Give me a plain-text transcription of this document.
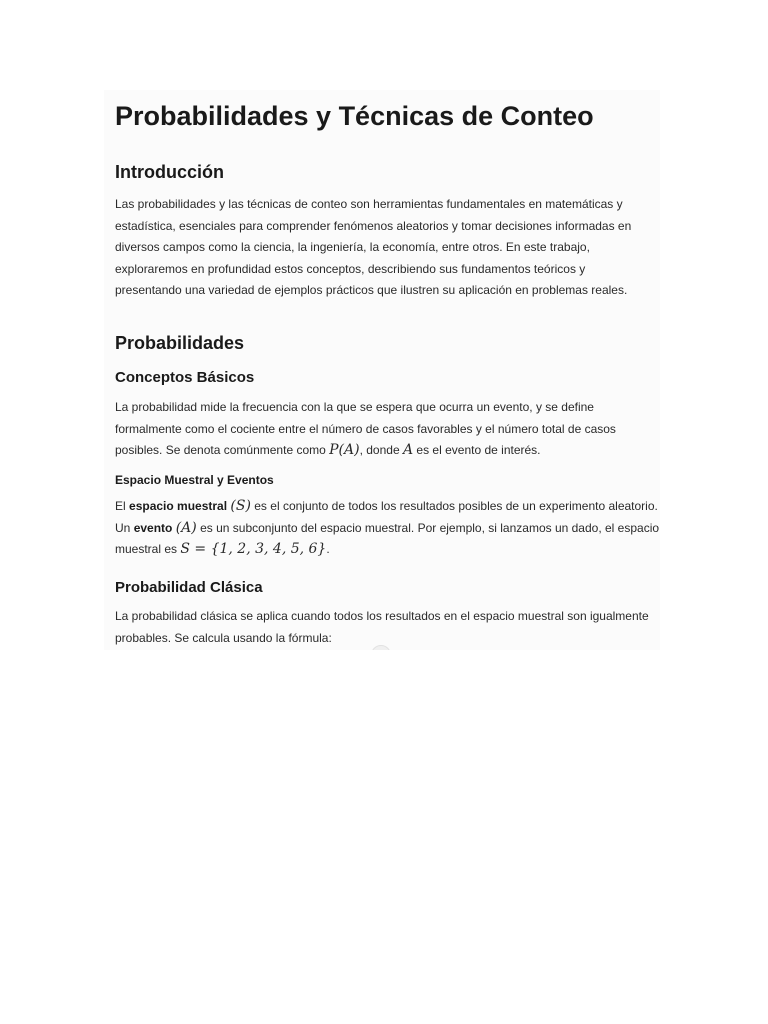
Probabilidades y Técnicas de Conteo
Introducción

Las probabilidades y las técnicas de conteo son herramientas fundamentales en matemáticas y estadística, esenciales para comprender fenómenos aleatorios y tomar decisiones informadas en diversos campos como la ciencia, la ingeniería, la economía, entre otros. En este trabajo, exploraremos en profundidad estos conceptos, describiendo sus fundamentos teóricos y presentando una variedad de ejemplos prácticos que ilustren su aplicación en problemas reales.

Probabilidades
Conceptos Básicos

La probabilidad mide la frecuencia con la que se espera que ocurra un evento, y se define formalmente como el cociente entre el número de casos favorables y el número total de casos posibles. Se denota comúnmente como P(A), donde A es el evento de interés.

Espacio Muestral y Eventos

El espacio muestral (S) es el conjunto de todos los resultados posibles de un experimento aleatorio. Un evento (A) es un subconjunto del espacio muestral. Por ejemplo, si lanzamos un dado, el espacio muestral es S = {1, 2, 3, 4, 5, 6}.

Probabilidad Clásica

La probabilidad clásica se aplica cuando todos los resultados en el espacio muestral son igualmente probables. Se calcula usando la fórmula:
